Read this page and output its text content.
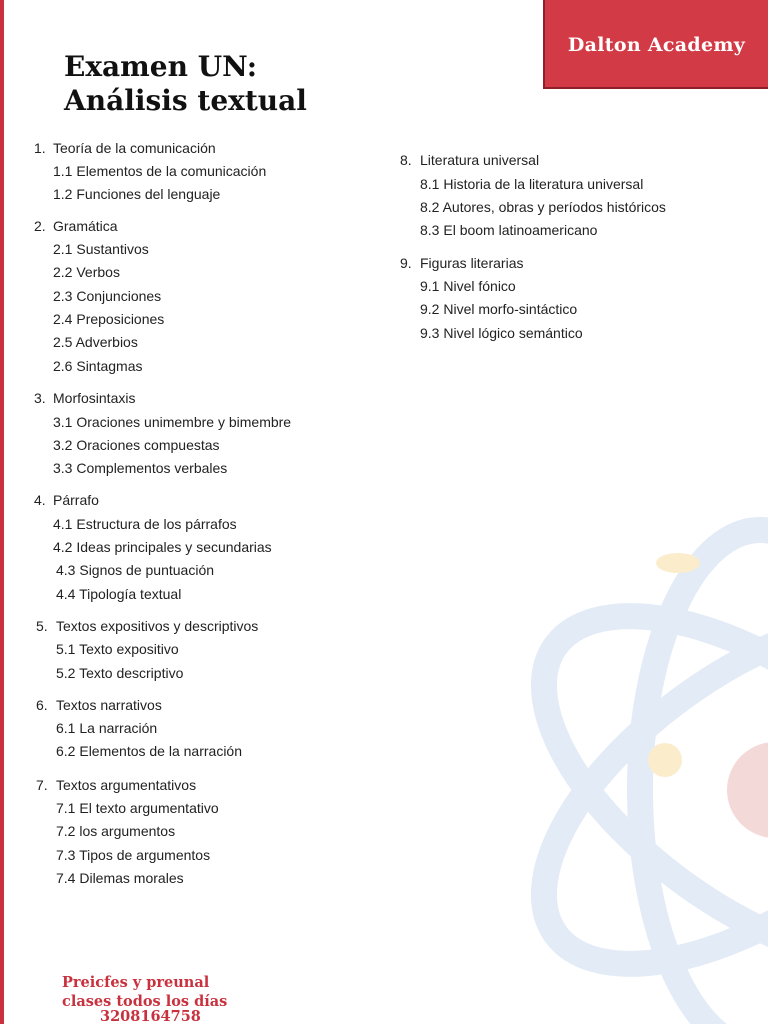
Dalton Academy
Examen UN:
Análisis textual
1. Teoría de la comunicación
1.1 Elementos de la comunicación
1.2 Funciones del lenguaje
2. Gramática
2.1 Sustantivos
2.2 Verbos
2.3 Conjunciones
2.4 Preposiciones
2.5 Adverbios
2.6 Sintagmas
3. Morfosintaxis
3.1 Oraciones unimembre y bimembre
3.2 Oraciones compuestas
3.3 Complementos verbales
4. Párrafo
4.1 Estructura de los párrafos
4.2 Ideas principales y secundarias
4.3 Signos de puntuación
4.4 Tipología textual
5. Textos expositivos y descriptivos
5.1 Texto expositivo
5.2 Texto descriptivo
6. Textos narrativos
6.1 La narración
6.2 Elementos de la narración
7. Textos argumentativos
7.1 El texto argumentativo
7.2 los argumentos
7.3 Tipos de argumentos
7.4 Dilemas morales
8. Literatura universal
8.1 Historia de la literatura universal
8.2 Autores, obras y períodos históricos
8.3 El boom latinoamericano
9. Figuras literarias
9.1 Nivel fónico
9.2 Nivel morfo-sintáctico
9.3 Nivel lógico semántico
Preicfes y preunal
clases todos los días
3208164758
